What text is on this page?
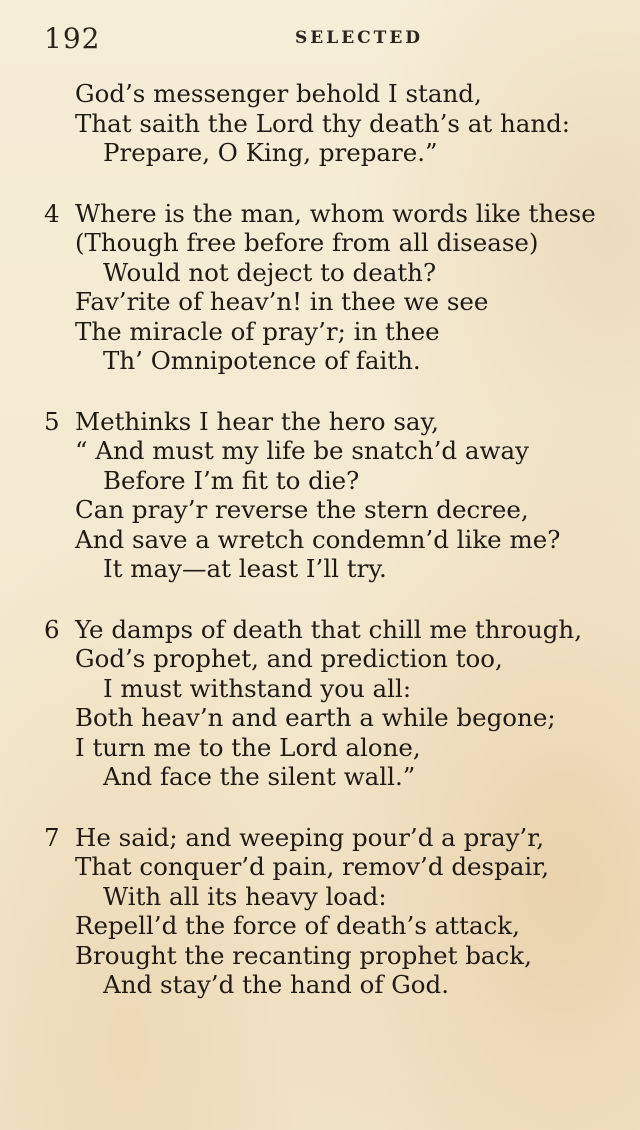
192	SELECTED
God’s messenger behold I stand,
That saith the Lord thy death’s at hand:
Prepare, O King, prepare.”
4 Where is the man, whom words like these
(Though free before from all disease)
Would not deject to death?
Fav’rite of heav’n! in thee we see
The miracle of pray’r; in thee
Th’ Omnipotence of faith.
5 Methinks I hear the hero say,
“ And must my life be snatch’d away
Before I’m fit to die?
Can pray’r reverse the stern decree,
And save a wretch condemn’d like me?
It may—at least I’ll try.
6 Ye damps of death that chill me through,
God’s prophet, and prediction too,
I must withstand you all:
Both heav’n and earth a while begone;
I turn me to the Lord alone,
And face the silent wall.”
7 He said; and weeping pour’d a pray’r,
That conquer’d pain, remov’d despair,
With all its heavy load:
Repell’d the force of death’s attack,
Brought the recanting prophet back,
And stay’d the hand of God.
